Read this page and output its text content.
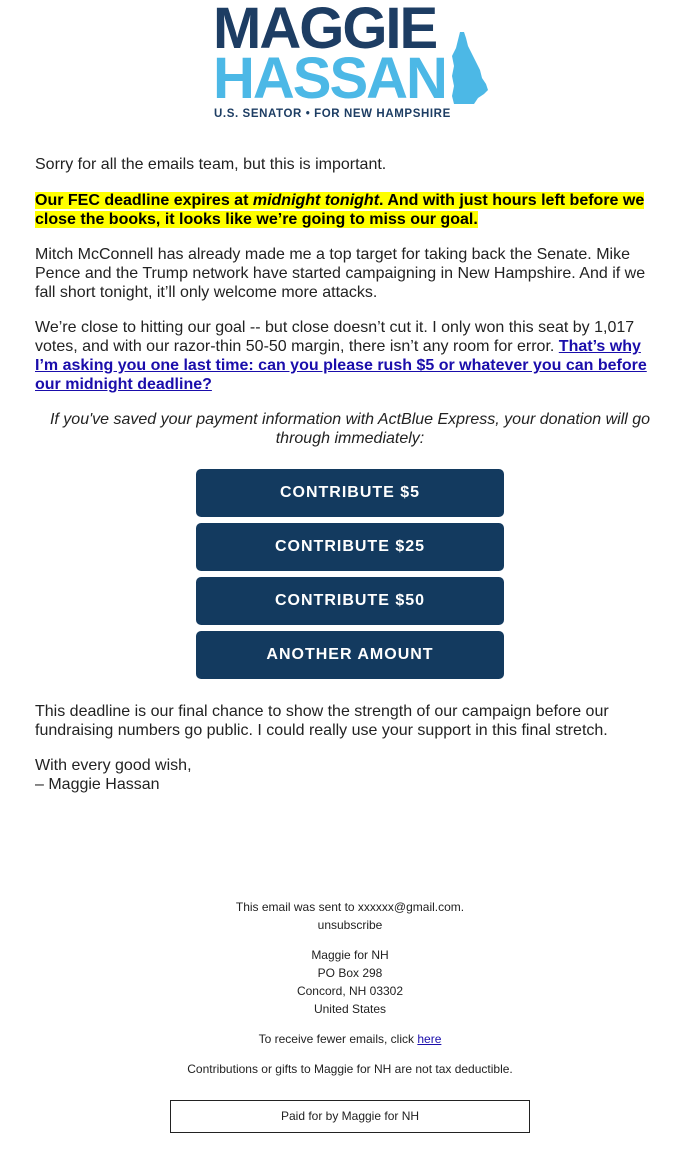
MAGGIE
HASSAN
U.S. SENATOR • FOR NEW HAMPSHIRE

Sorry for all the emails team, but this is important.

Our FEC deadline expires at midnight tonight. And with just hours left before we close the books, it looks like we’re going to miss our goal.

Mitch McConnell has already made me a top target for taking back the Senate. Mike Pence and the Trump network have started campaigning in New Hampshire. And if we fall short tonight, it’ll only welcome more attacks.

We’re close to hitting our goal -- but close doesn’t cut it. I only won this seat by 1,017 votes, and with our razor-thin 50-50 margin, there isn’t any room for error. That’s why I’m asking you one last time: can you please rush $5 or whatever you can before our midnight deadline?

If you've saved your payment information with ActBlue Express, your donation will go through immediately:
CONTRIBUTE $5
CONTRIBUTE $25
CONTRIBUTE $50
ANOTHER AMOUNT

This deadline is our final chance to show the strength of our campaign before our fundraising numbers go public. I could really use your support in this final stretch.

With every good wish,

– Maggie Hassan

This email was sent to xxxxxx@gmail.com.
unsubscribe
Maggie for NH
PO Box 298
Concord, NH 03302
United States
To receive fewer emails, click here
Contributions or gifts to Maggie for NH are not tax deductible.
Paid for by Maggie for NH
